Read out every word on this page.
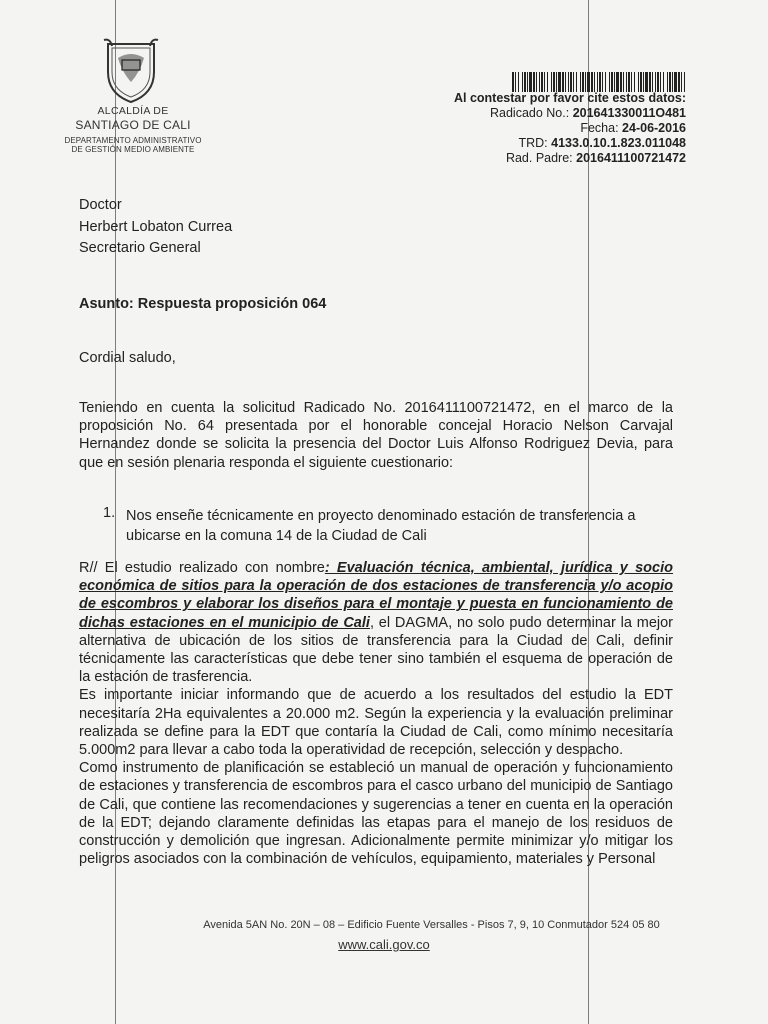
ALCALDÍA DE
SANTIAGO DE CALI
DEPARTAMENTO ADMINISTRATIVO
DE GESTIÓN MEDIO AMBIENTE
Al contestar por favor cite estos datos:
Radicado No.: 201641330011O481
Fecha: 24-06-2016
TRD: 4133.0.10.1.823.011048
Rad. Padre: 2016411100721472
Doctor
Herbert Lobaton Currea
Secretario General
Asunto: Respuesta proposición 064
Cordial saludo,
Teniendo en cuenta la solicitud Radicado No. 2016411100721472, en el marco de la proposición No. 64 presentada por el honorable concejal Horacio Nelson Carvajal Hernandez donde se solicita la presencia del Doctor Luis Alfonso Rodriguez Devia, para que en sesión plenaria responda el siguiente cuestionario:
1. Nos enseñe técnicamente en proyecto denominado estación de transferencia a ubicarse en la comuna 14 de la Ciudad de Cali

R// El estudio realizado con nombre: Evaluación técnica, ambiental, jurídica y socio económica de sitios para la operación de dos estaciones de transferencia y/o acopio de escombros y elaborar los diseños para el montaje y puesta en funcionamiento de dichas estaciones en el municipio de Cali, el DAGMA, no solo pudo determinar la mejor alternativa de ubicación de los sitios de transferencia para la Ciudad de Cali, definir técnicamente las características que debe tener sino también el esquema de operación de la estación de trasferencia.

Es importante iniciar informando que de acuerdo a los resultados del estudio la EDT necesitaría 2Ha equivalentes a 20.000 m2. Según la experiencia y la evaluación preliminar realizada se define para la EDT que contaría la Ciudad de Cali, como mínimo necesitaría 5.000m2 para llevar a cabo toda la operatividad de recepción, selección y despacho.

Como instrumento de planificación se estableció un manual de operación y funcionamiento de estaciones y transferencia de escombros para el casco urbano del municipio de Santiago de Cali, que contiene las recomendaciones y sugerencias a tener en cuenta en la operación de la EDT; dejando claramente definidas las etapas para el manejo de los residuos de construcción y demolición que ingresan. Adicionalmente permite minimizar y/o mitigar los peligros asociados con la combinación de vehículos, equipamiento, materiales y Personal

Avenida 5AN No. 20N – 08 – Edificio Fuente Versalles - Pisos 7, 9, 10 Conmutador 524 05 80
www.cali.gov.co
